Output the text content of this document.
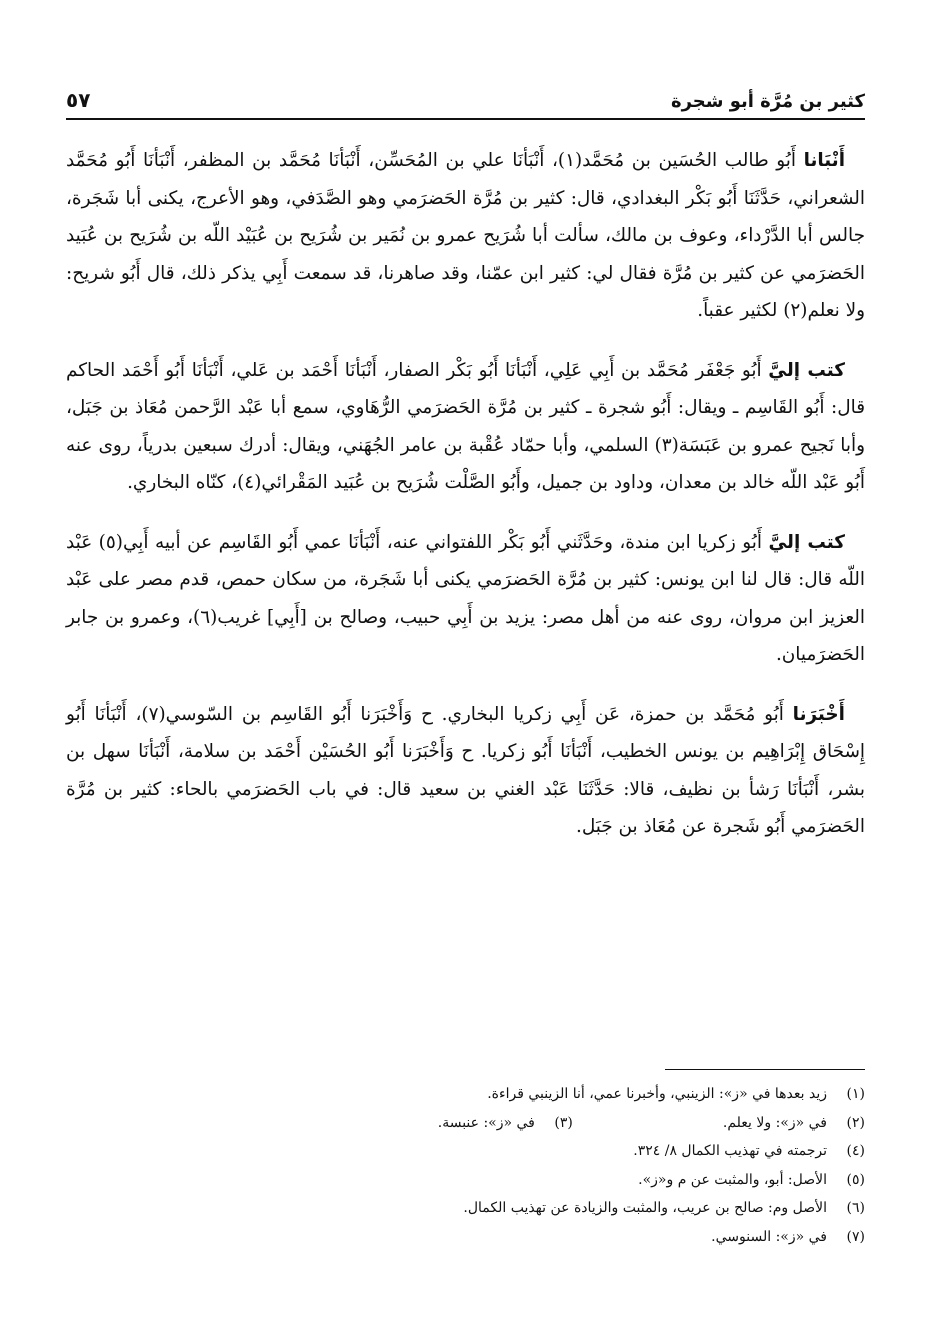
كثير بن مُرَّة أبو شجرة
٥٧

أَنْبَانا أَبُو طالب الحُسَين بن مُحَمَّد(١)، أَنْبَأنَا علي بن المُحَسِّن، أَنْبَأنَا مُحَمَّد بن المظفر، أَنْبَأنَا أَبُو مُحَمَّد الشعراني، حَدَّثَنَا أَبُو بَكْر البغدادي، قال: كثير بن مُرَّة الحَضرَمي وهو الصَّدَفي، وهو الأعرج، يكنى أبا شَجَرة، جالس أبا الدَّرْداء، وعوف بن مالك، سألت أبا شُرَيح عمرو بن نُمَير بن شُرَيح بن عُبَيْد اللّه بن شُرَيح بن عُبَيد الحَضرَمي عن كثير بن مُرَّة فقال لي: كثير ابن عمّنا، وقد صاهرنا، قد سمعت أَبِي يذكر ذلك، قال أَبُو شريح: ولا نعلم(٢) لكثير عقباً.

كتب إليَّ أَبُو جَعْفَر مُحَمَّد بن أَبِي عَلِي، أَنْبَأنَا أَبُو بَكْر الصفار، أَنْبَأنَا أَحْمَد بن عَلي، أَنْبَأنَا أَبُو أَحْمَد الحاكم قال: أَبُو القَاسِم ـ ويقال: أَبُو شجرة ـ كثير بن مُرَّة الحَضرَمي الرُّهَاوي، سمع أبا عَبْد الرَّحمن مُعَاذ بن جَبَل، وأبا نَجيح عمرو بن عَبَسَة(٣) السلمي، وأبا حمّاد عُقْبة بن عامر الجُهَني، ويقال: أدرك سبعين بدرياً، روى عنه أَبُو عَبْد اللّه خالد بن معدان، وداود بن جميل، وأَبُو الصَّلْت شُرَيح بن عُبَيد المَقْرائي(٤)، كنّاه البخاري.

كتب إليَّ أَبُو زكريا ابن مندة، وحَدَّثَني أَبُو بَكْر اللفتواني عنه، أَنْبَأنَا عمي أَبُو القَاسِم عن أبيه أَبِي(٥) عَبْد اللّه قال: قال لنا ابن يونس: كثير بن مُرَّة الحَضرَمي يكنى أبا شَجَرة، من سكان حمص، قدم مصر على عَبْد العزيز ابن مروان، روى عنه من أهل مصر: يزيد بن أَبِي حبيب، وصالح بن [أَبِي] غريب(٦)، وعمرو بن جابر الحَضرَميان.

أَخْبَرَنا أَبُو مُحَمَّد بن حمزة، عَن أَبِي زكريا البخاري. ح وَأَخْبَرَنا أَبُو القَاسِم بن السّوسي(٧)، أَنْبَأنَا أَبُو إِسْحَاق إِبْرَاهِيم بن يونس الخطيب، أَنْبَأنَا أَبُو زكريا. ح وَأَخْبَرَنا أَبُو الحُسَيْن أَحْمَد بن سلامة، أَنْبَأنَا سهل بن بشر، أَنْبَأنَا رَشأ بن نظيف، قالا: حَدَّثَنَا عَبْد الغني بن سعيد قال: في باب الحَضرَمي بالحاء: كثير بن مُرَّة الحَضرَمي أَبُو شَجرة عن مُعَاذ بن جَبَل.

(١)
زيد بعدها في «ز»: الزينبي، وأخبرنا عمي، أنا الزينبي قراءة.
(٢)
في «ز»: ولا يعلم.
(٣)
في «ز»: عنبسة.
(٤)
ترجمته في تهذيب الكمال ٨/ ٣٢٤.
(٥)
الأصل: أبو، والمثبت عن م و«ز».
(٦)
الأصل وم: صالح بن عريب، والمثبت والزيادة عن تهذيب الكمال.
(٧)
في «ز»: السنوسي.
